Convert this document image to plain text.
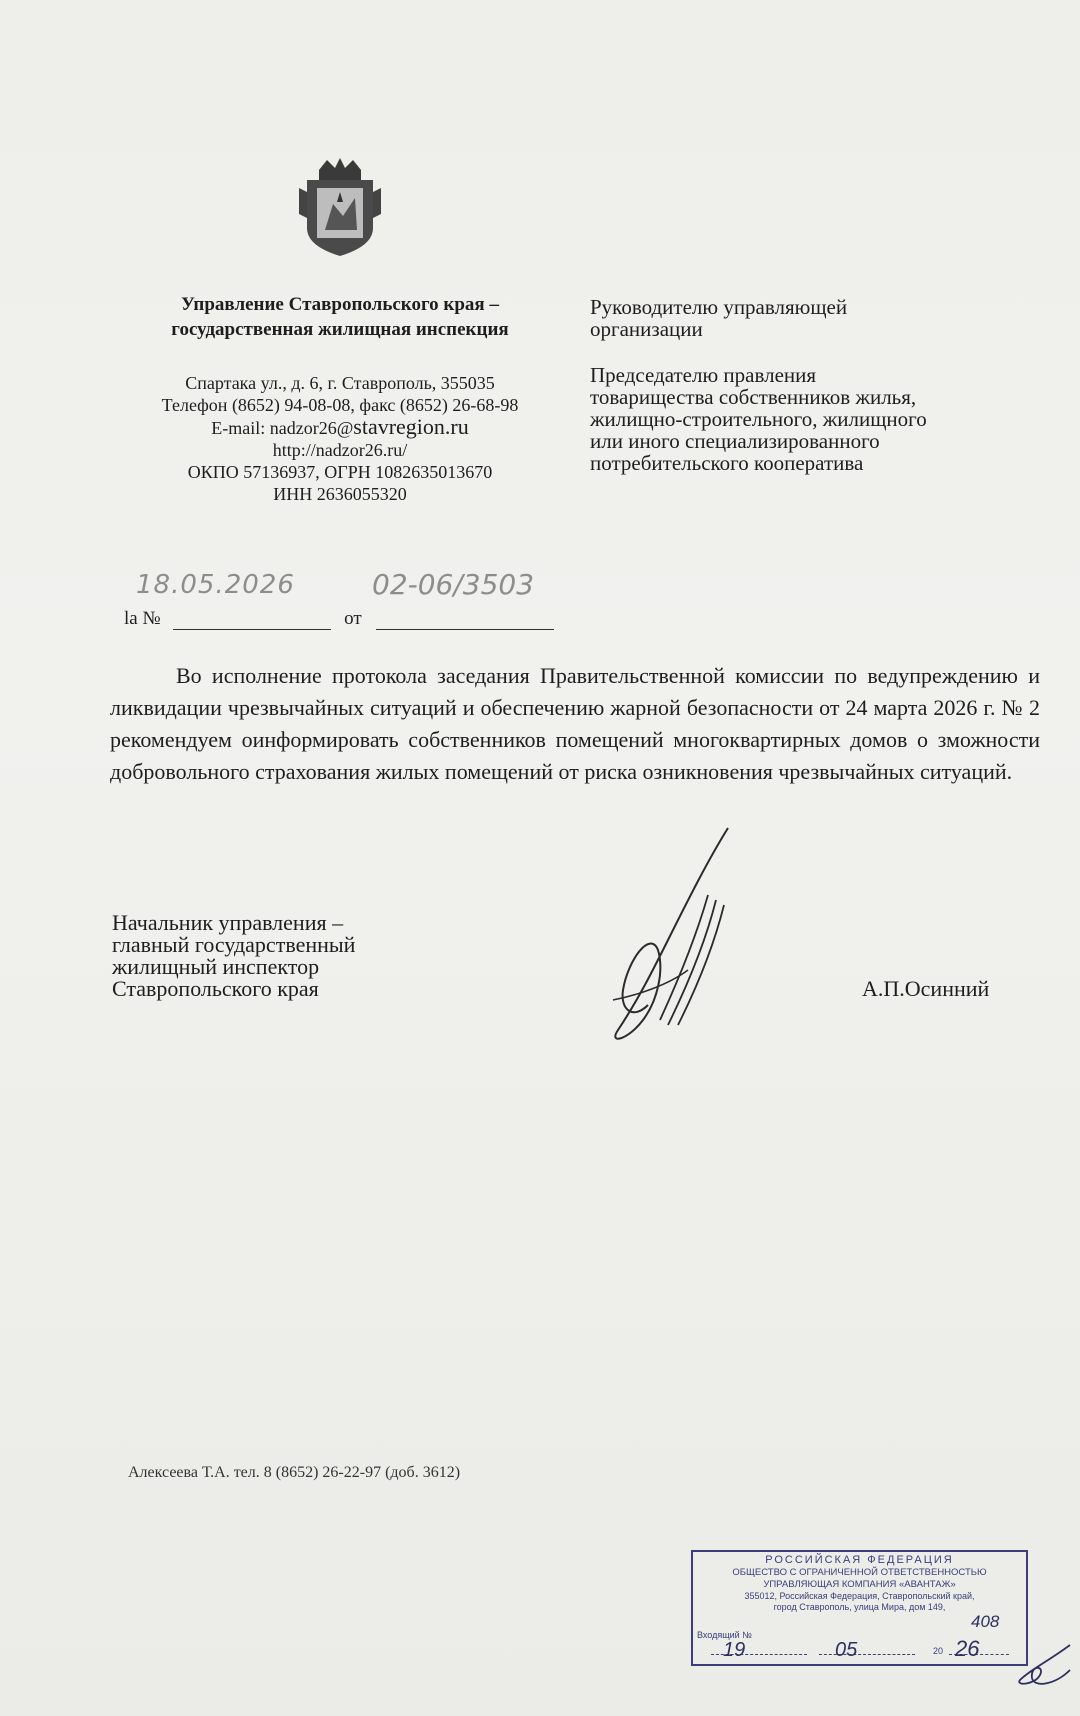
Управление Ставропольского края –
государственная жилищная инспекция
Спартака ул., д. 6, г. Ставрополь, 355035
Телефон (8652) 94-08-08, факс (8652) 26-68-98
E-mail: nadzor26@stavregion.ru
http://nadzor26.ru/
ОКПО 57136937, ОГРН 1082635013670
ИНН 2636055320
Руководителю управляющей
организации
Председателю правления
товарищества собственников жилья,
жилищно-строительного, жилищного
или иного специализированного
потребительского кооператива
18.05.2026	02-06/3503
la №	от

Во исполнение протокола заседания Правительственной комиссии по ведупреждению и ликвидации чрезвычайных ситуаций и обеспечению жарной безопасности от 24 марта 2026 г. № 2 рекомендуем оинформировать собственников помещений многоквартирных домов о зможности добровольного страхования жилых помещений от риска озникновения чрезвычайных ситуаций.

Начальник управления –
главный государственный
жилищный инспектор
Ставропольского края	А.П.Осинний
Алексеева Т.А. тел. 8 (8652) 26-22-97 (доб. 3612)
РОССИЙСКАЯ ФЕДЕРАЦИЯ
ОБЩЕСТВО С ОГРАНИЧЕННОЙ ОТВЕТСТВЕННОСТЬЮ
УПРАВЛЯЮЩАЯ КОМПАНИЯ «АВАНТАЖ»
355012, Российская Федерация, Ставропольский край,
город Ставрополь, улица Мира, дом 149,
Входящий №
408
19	05	20 26
